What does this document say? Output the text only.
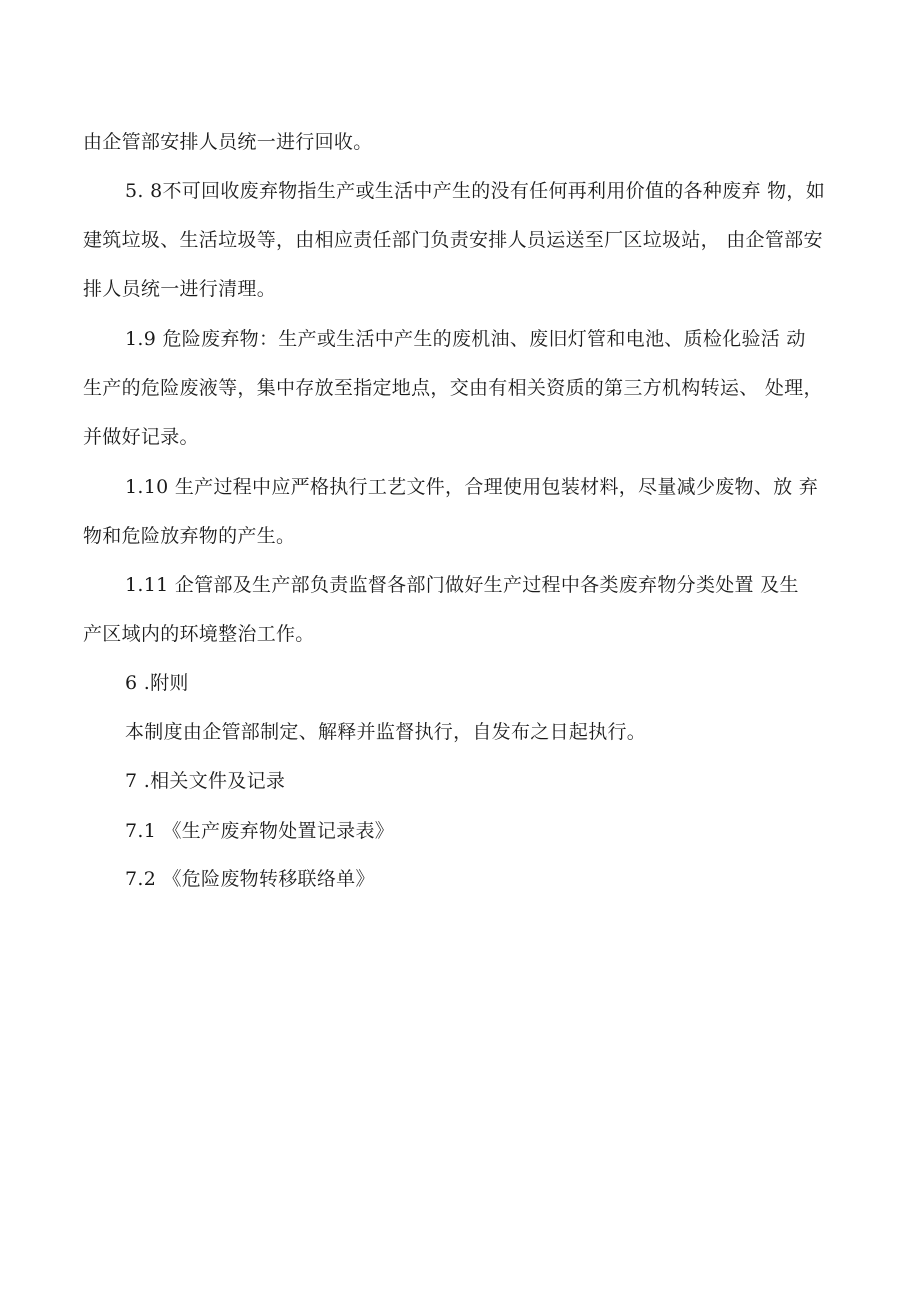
由企管部安排人员统一进行回收。
5. 8不可回收废弃物指生产或生活中产生的没有任何再利用价值的各种废弃 物，如
建筑垃圾、生活垃圾等，由相应责任部门负责安排人员运送至厂区垃圾站， 由企管部安
排人员统一进行清理。
1.9 危险废弃物：生产或生活中产生的废机油、废旧灯管和电池、质检化验活 动
生产的危险废液等，集中存放至指定地点，交由有相关资质的第三方机构转运、 处理，
并做好记录。
1.10 生产过程中应严格执行工艺文件，合理使用包装材料，尽量减少废物、放 弃
物和危险放弃物的产生。
1.11 企管部及生产部负责监督各部门做好生产过程中各类废弃物分类处置 及生
产区域内的环境整治工作。
6 .附则
本制度由企管部制定、解释并监督执行，自发布之日起执行。
7 .相关文件及记录
7.1 《生产废弃物处置记录表》
7.2 《危险废物转移联络单》
